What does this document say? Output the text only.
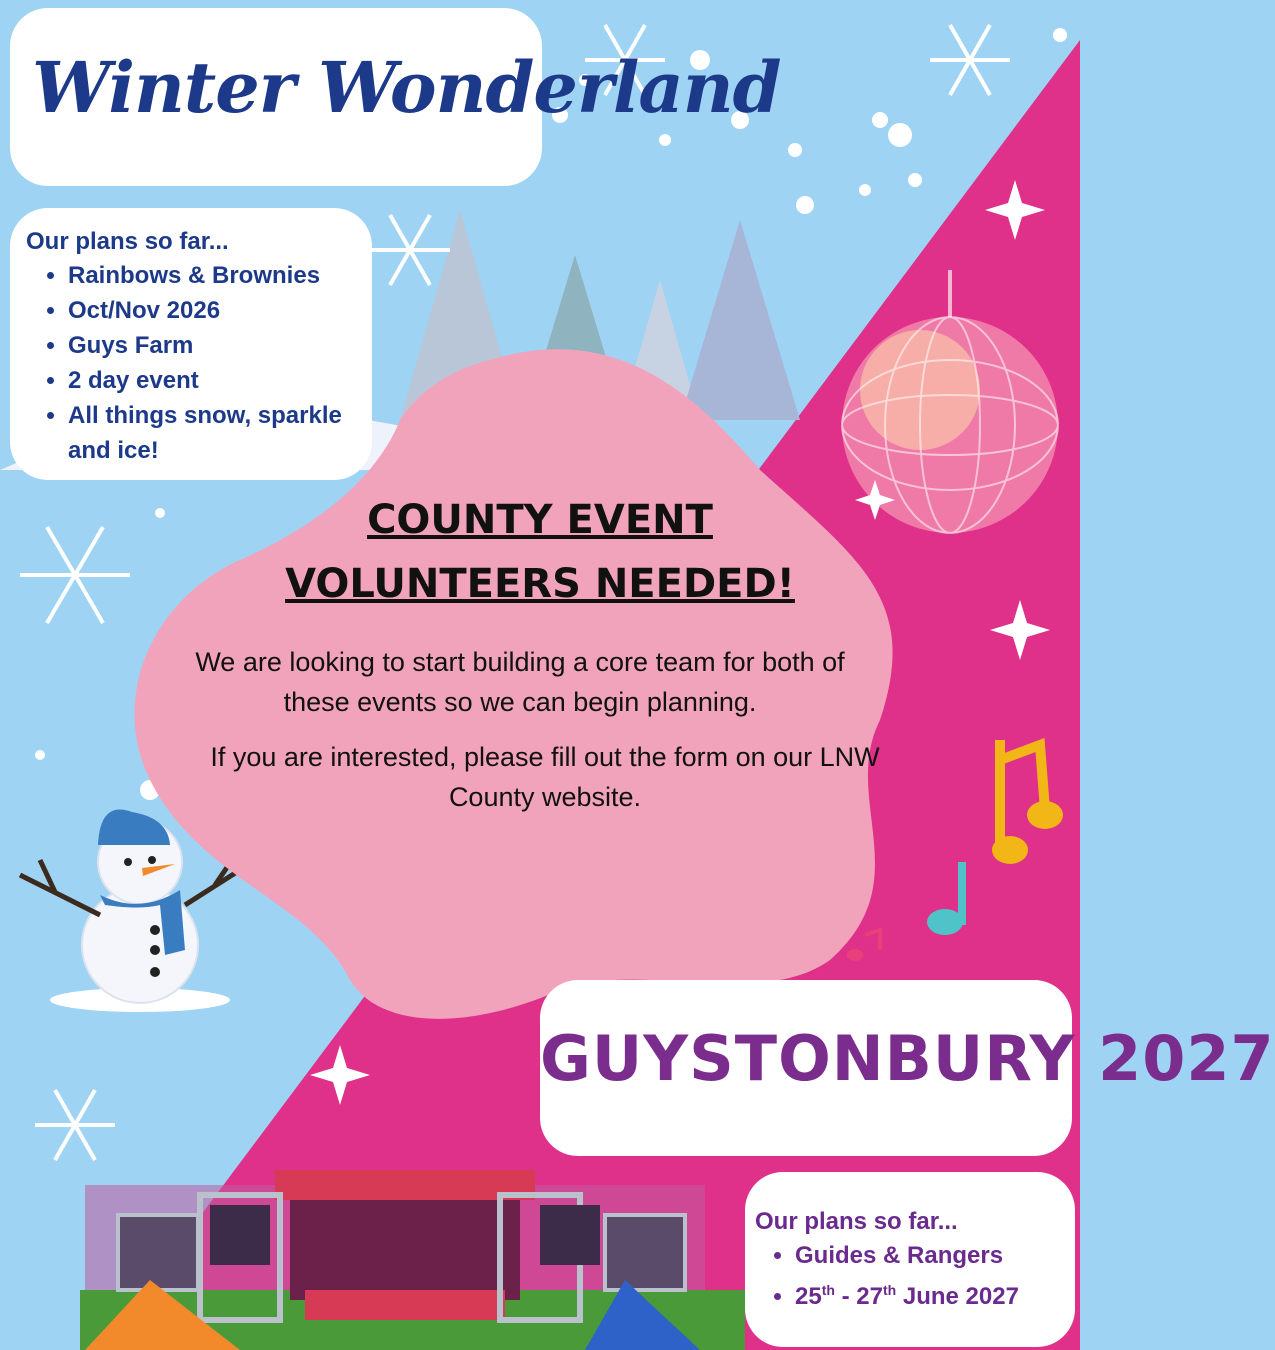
Winter Wonderland

Our plans so far...

• Rainbows & Brownies
• Oct/Nov 2026
• Guys Farm
• 2 day event
• All things snow, sparkle and ice!

COUNTY EVENT

VOLUNTEERS NEEDED!

We are looking to start building a core team for both of these events so we can begin planning.

If you are interested, please fill out the form on our LNW County website.

GUYSTONBURY 2027

Our plans so far...

• Guides & Rangers
• 25th - 27th June 2027
